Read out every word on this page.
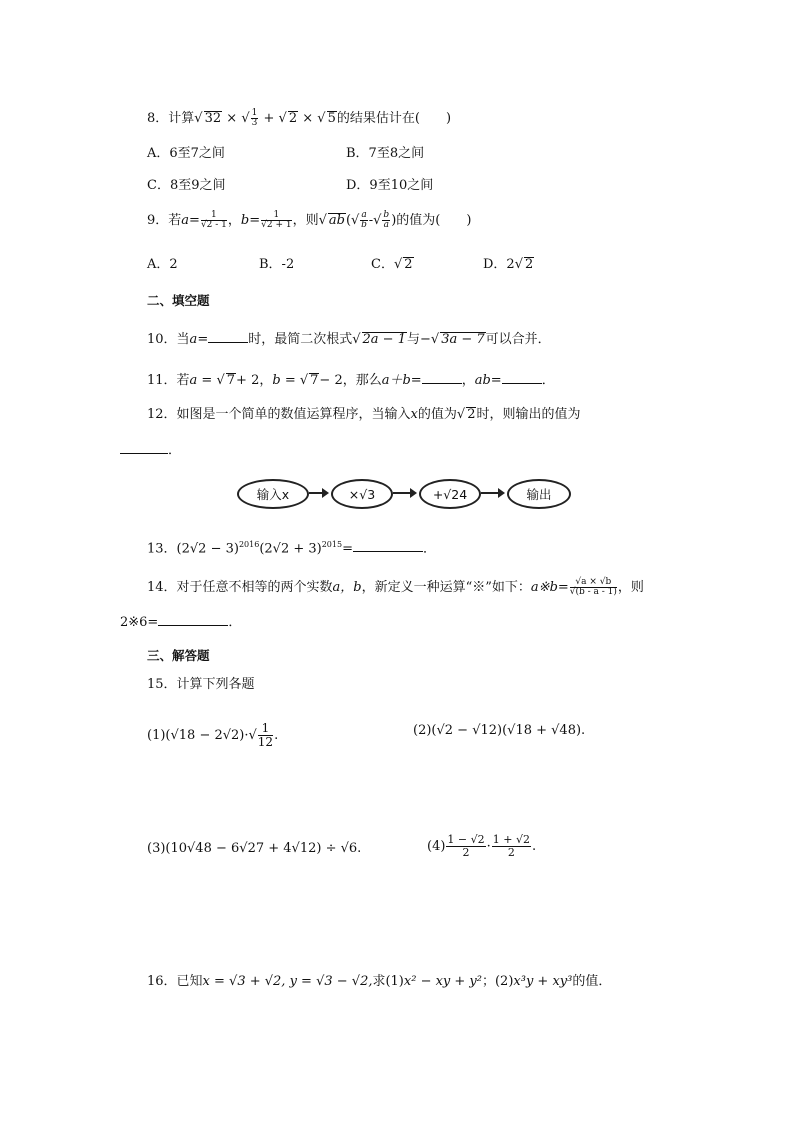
8．计算√ 32 × √ $\frac{1}{3}$ + √ 2 × √ 5的结果估计在(　　)
A．6至7之间	B．7至8之间
C．8至9之间	D．9至10之间
9．若$a= \frac{1}{√2 - 1}$ ，$b= \frac{1}{√2 + 1}$ ，则√ $ab(√ \frac{a}{b}$ -√ $\frac{b}{a}$ )的值为(　　)
A．2	B．-2	C．√ 2	D．2√ 2
二、填空题
10．当a=	时，最简二次根式√ 2a − 1与−√ 3a − 7可以合并．
11．若a = √ 7+ 2，b = √ 7− 2，那么a＋b=	，ab=	．
12．如图是一个简单的数值运算程序，当输入x的值为√ 2时，则输出的值为
．
输入x	×√3	+√24	输出
13．$(2√2 - 3)^{2016}(2√2 + 3)^{2015}=$	．
14．对于任意不相等的两个实数a，b，新定义一种运算“※”如下：a※b= $\frac{√a \times √b}{√(b - a - 1)}$ ，则
2※6=	．
三、解答题
15．计算下列各题
$(1)(√18 - 2√2)\cdot√ \frac{1}{12}$ .	(2)(√2 − √12)(√18 + √48).
(3)(10√48 − 6√27 + 4√12) ÷ √6.	$(4) \frac{1 - √2}{2} \cdot \frac{1 + √2}{2}$ .
16．已知x = √3 + √2, y = √3 − √2,求(1)x² − xy + y²；(2)x³y + xy³的值．
